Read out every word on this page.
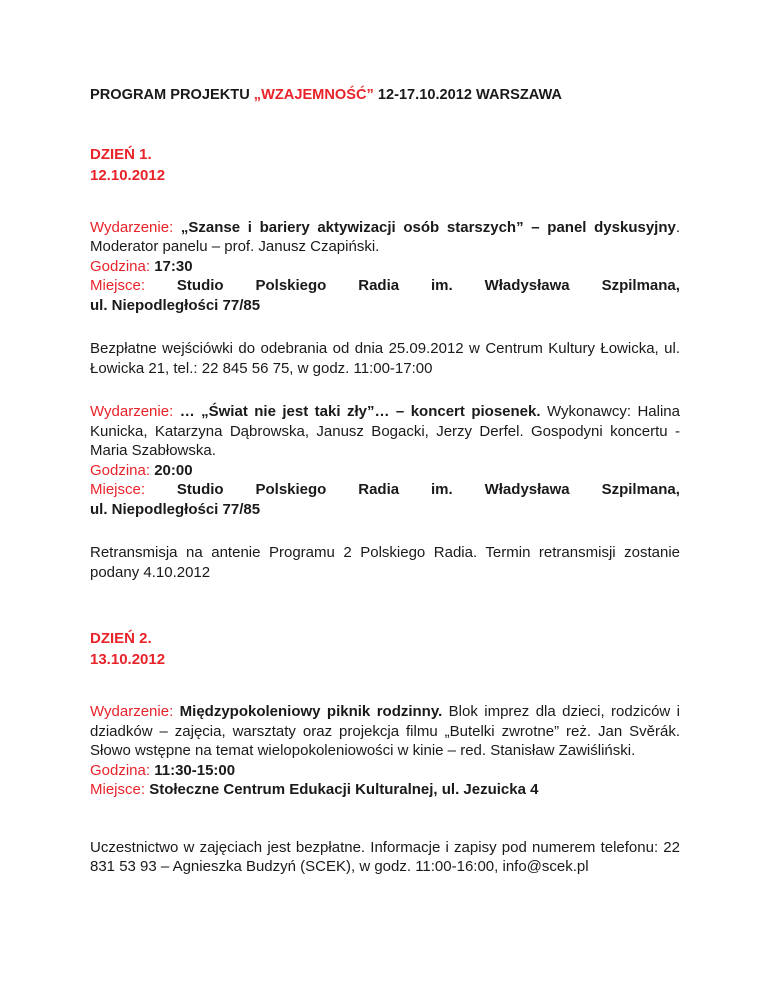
PROGRAM PROJEKTU „WZAJEMNOŚĆ” 12-17.10.2012 WARSZAWA
DZIEŃ 1.
12.10.2012
Wydarzenie: „Szanse i bariery aktywizacji osób starszych” – panel dyskusyjny. Moderator panelu – prof. Janusz Czapiński.
Godzina: 17:30
Miejsce: Studio Polskiego Radia im. Władysława Szpilmana,
ul. Niepodległości 77/85
Bezpłatne wejściówki do odebrania od dnia 25.09.2012 w Centrum Kultury Łowicka, ul. Łowicka 21, tel.: 22 845 56 75, w godz. 11:00-17:00
Wydarzenie: … „Świat nie jest taki zły”… – koncert piosenek. Wykonawcy: Halina Kunicka, Katarzyna Dąbrowska, Janusz Bogacki, Jerzy Derfel. Gospodyni koncertu - Maria Szabłowska.
Godzina: 20:00
Miejsce: Studio Polskiego Radia im. Władysława Szpilmana,
ul. Niepodległości 77/85
Retransmisja na antenie Programu 2 Polskiego Radia. Termin retransmisji zostanie podany 4.10.2012
DZIEŃ 2.
13.10.2012
Wydarzenie: Międzypokoleniowy piknik rodzinny. Blok imprez dla dzieci, rodziców i dziadków – zajęcia, warsztaty oraz projekcja filmu „Butelki zwrotne” reż. Jan Svěrák. Słowo wstępne na temat wielopokoleniowości w kinie – red. Stanisław Zawiśliński.
Godzina: 11:30-15:00
Miejsce: Stołeczne Centrum Edukacji Kulturalnej, ul. Jezuicka 4
Uczestnictwo w zajęciach jest bezpłatne. Informacje i zapisy pod numerem telefonu: 22 831 53 93 – Agnieszka Budzyń (SCEK), w godz. 11:00-16:00, info@scek.pl
